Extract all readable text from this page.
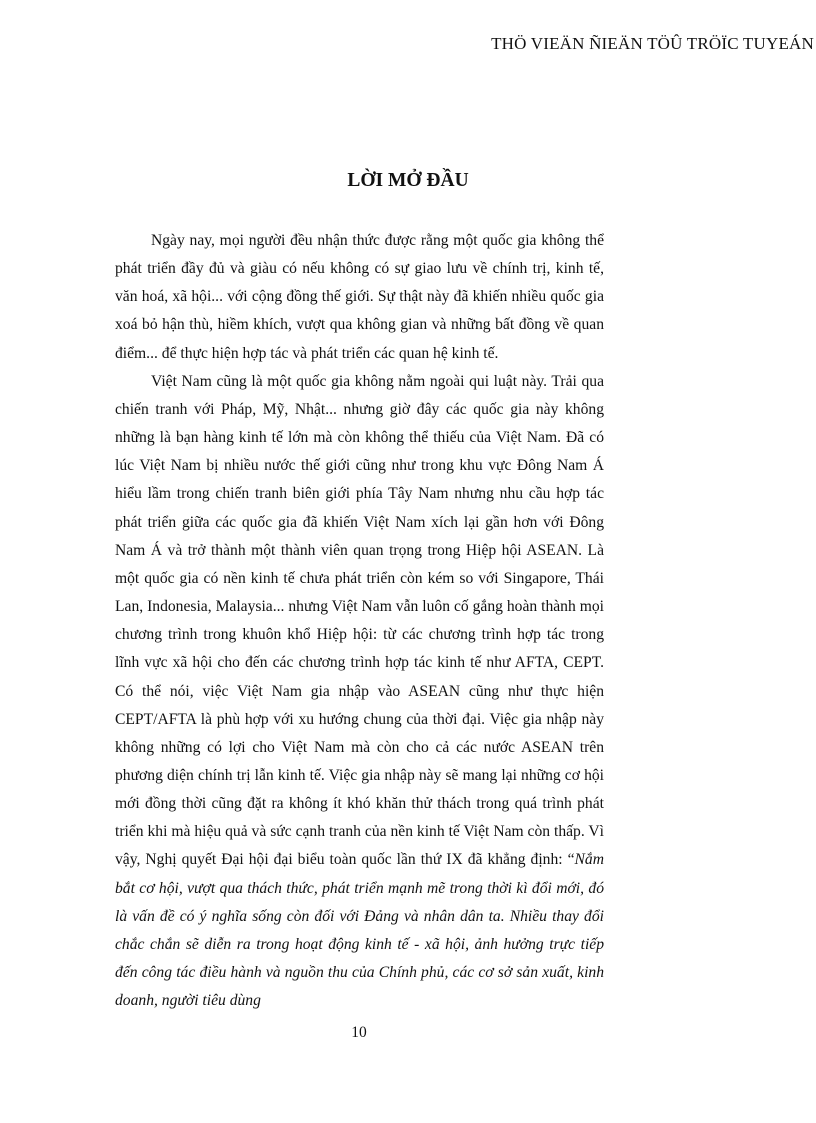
THÖ VIEÄN ÑIEÄN TÖÛ TRÖÏC TUYEÁN
LỜI MỞ ĐẦU

Ngày nay, mọi người đều nhận thức được rằng một quốc gia không thể phát triển đầy đủ và giàu có nếu không có sự giao lưu về chính trị, kinh tế, văn hoá, xã hội... với cộng đồng thế giới. Sự thật này đã khiến nhiều quốc gia xoá bỏ hận thù, hiềm khích, vượt qua không gian và những bất đồng về quan điểm... để thực hiện hợp tác và phát triển các quan hệ kinh tế.

Việt Nam cũng là một quốc gia không nằm ngoài qui luật này. Trải qua chiến tranh với Pháp, Mỹ, Nhật... nhưng giờ đây các quốc gia này không những là bạn hàng kinh tế lớn mà còn không thể thiếu của Việt Nam. Đã có lúc Việt Nam bị nhiều nước thế giới cũng như trong khu vực Đông Nam Á hiểu lầm trong chiến tranh biên giới phía Tây Nam nhưng nhu cầu hợp tác phát triển giữa các quốc gia đã khiến Việt Nam xích lại gần hơn với Đông Nam Á và trở thành một thành viên quan trọng trong Hiệp hội ASEAN. Là một quốc gia có nền kinh tế chưa phát triển còn kém so với Singapore, Thái Lan, Indonesia, Malaysia... nhưng Việt Nam vẫn luôn cố gắng hoàn thành mọi chương trình trong khuôn khổ Hiệp hội: từ các chương trình hợp tác trong lĩnh vực xã hội cho đến các chương trình hợp tác kinh tế như AFTA, CEPT. Có thể nói, việc Việt Nam gia nhập vào ASEAN cũng như thực hiện CEPT/AFTA là phù hợp với xu hướng chung của thời đại. Việc gia nhập này không những có lợi cho Việt Nam mà còn cho cả các nước ASEAN trên phương diện chính trị lẫn kinh tế. Việc gia nhập này sẽ mang lại những cơ hội mới đồng thời cũng đặt ra không ít khó khăn thử thách trong quá trình phát triển khi mà hiệu quả và sức cạnh tranh của nền kinh tế Việt Nam còn thấp. Vì vậy, Nghị quyết Đại hội đại biểu toàn quốc lần thứ IX đã khẳng định: “Nắm bắt cơ hội, vượt qua thách thức, phát triển mạnh mẽ trong thời kì đổi mới, đó là vấn đề có ý nghĩa sống còn đối với Đảng và nhân dân ta. Nhiều thay đổi chắc chắn sẽ diễn ra trong hoạt động kinh tế - xã hội, ảnh hưởng trực tiếp đến công tác điều hành và nguồn thu của Chính phủ, các cơ sở sản xuất, kinh doanh, người tiêu dùng

10
